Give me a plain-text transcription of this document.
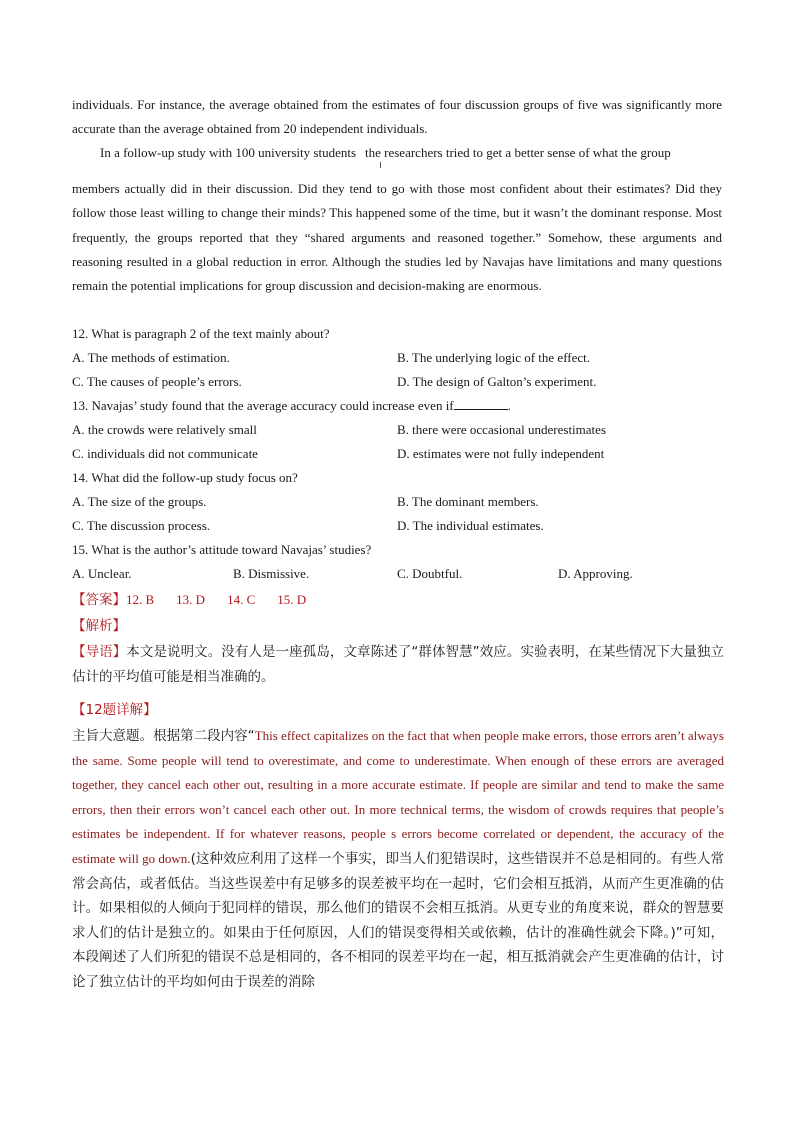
individuals. For instance, the average obtained from the estimates of four discussion groups of five was significantly more accurate than the average obtained from 20 independent individuals.

In a follow-up study with 100 university students the researchers tried to get a better sense of what the group

members actually did in their discussion. Did they tend to go with those most confident about their estimates? Did they follow those least willing to change their minds? This happened some of the time, but it wasn’t the dominant response. Most frequently, the groups reported that they “shared arguments and reasoned together.” Somehow, these arguments and reasoning resulted in a global reduction in error. Although the studies led by Navajas have limitations and many questions remain the potential implications for group discussion and decision-making are enormous.

12. What is paragraph 2 of the text mainly about?

A. The methods of estimation.	B. The underlying logic of the effect.
C. The causes of people’s errors.	D. The design of Galton’s experiment.

13. Navajas’ study found that the average accuracy could increase even if	.

A. the crowds were relatively small	B. there were occasional underestimates
C. individuals did not communicate	D. estimates were not fully independent

14. What did the follow-up study focus on?

A. The size of the groups.	B. The dominant members.
C. The discussion process.	D. The individual estimates.

15. What is the author’s attitude toward Navajas’ studies?

A. Unclear.	B. Dismissive.	C. Doubtful.	D. Approving.
【答案】12. B 13. D 14. C 15. D
【解析】

【导语】本文是说明文。没有人是一座孤岛，文章陈述了“群体智慧”效应。实验表明，在某些情况下大量独立估计的平均值可能是相当准确的。

【12题详解】

主旨大意题。根据第二段内容“This effect capitalizes on the fact that when people make errors, those errors aren’t always the same. Some people will tend to overestimate, and come to underestimate. When enough of these errors are averaged together, they cancel each other out, resulting in a more accurate estimate. If people are similar and tend to make the same errors, then their errors won’t cancel each other out. In more technical terms, the wisdom of crowds requires that people’s estimates be independent. If for whatever reasons, people s errors become correlated or dependent, the accuracy of the estimate will go down.(这种效应利用了这样一个事实，即当人们犯错误时，这些错误并不总是相同的。有些人常常会高估，或者低估。当这些误差中有足够多的误差被平均在一起时，它们会相互抵消，从而产生更准确的估计。如果相似的人倾向于犯同样的错误，那么他们的错误不会相互抵消。从更专业的角度来说，群众的智慧要求人们的估计是独立的。如果由于任何原因，人们的错误变得相关或依赖，估计的准确性就会下降。)”可知，本段阐述了人们所犯的错误不总是相同的，各不相同的误差平均在一起，相互抵消就会产生更准确的估计，讨论了独立估计的平均如何由于误差的消除
